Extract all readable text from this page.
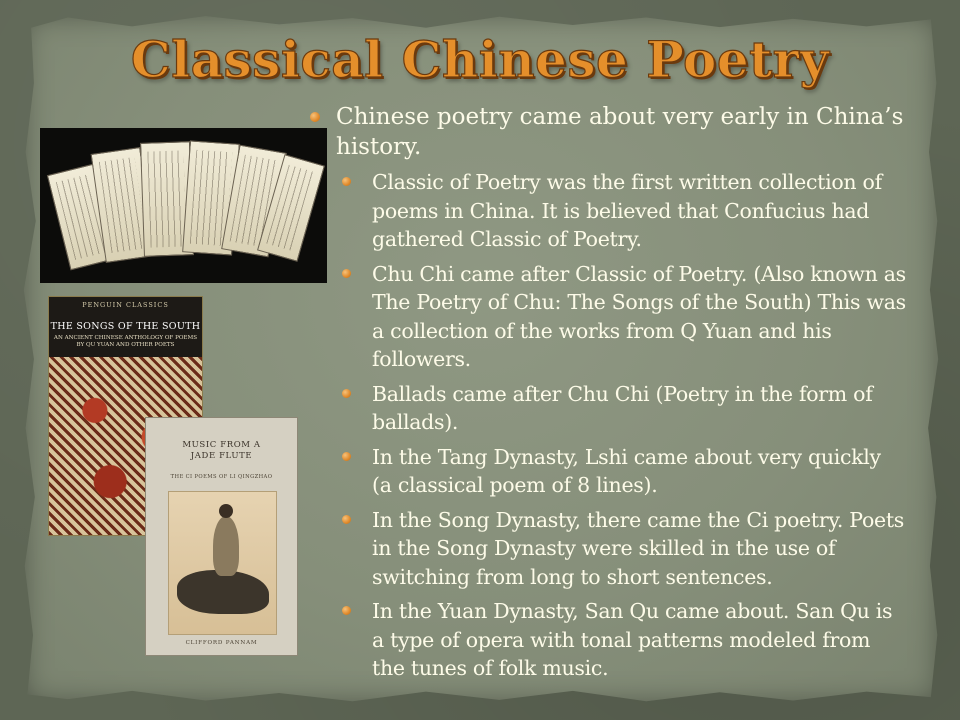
Classical Chinese Poetry
PENGUIN CLASSICS
THE SONGS OF THE SOUTH
AN ANCIENT CHINESE ANTHOLOGY OF POEMS BY QU YUAN AND OTHER POETS
MUSIC FROM A JADE FLUTE
THE CI POEMS OF LI QINGZHAO
CLIFFORD PANNAM
Chinese poetry came about very early in China’s history.
Classic of Poetry was the first written collection of poems in China. It is believed that Confucius had gathered Classic of Poetry.
Chu Chi came after Classic of Poetry. (Also known as The Poetry of Chu: The Songs of the South) This was a collection of the works from Q Yuan and his followers.
Ballads came after Chu Chi (Poetry in the form of ballads).
In the Tang Dynasty, Lshi came about very quickly (a classical poem of 8 lines).
In the Song Dynasty, there came the Ci poetry. Poets in the Song Dynasty were skilled in the use of switching from long to short sentences.
In the Yuan Dynasty, San Qu came about. San Qu is a type of opera with tonal patterns modeled from the tunes of folk music.
